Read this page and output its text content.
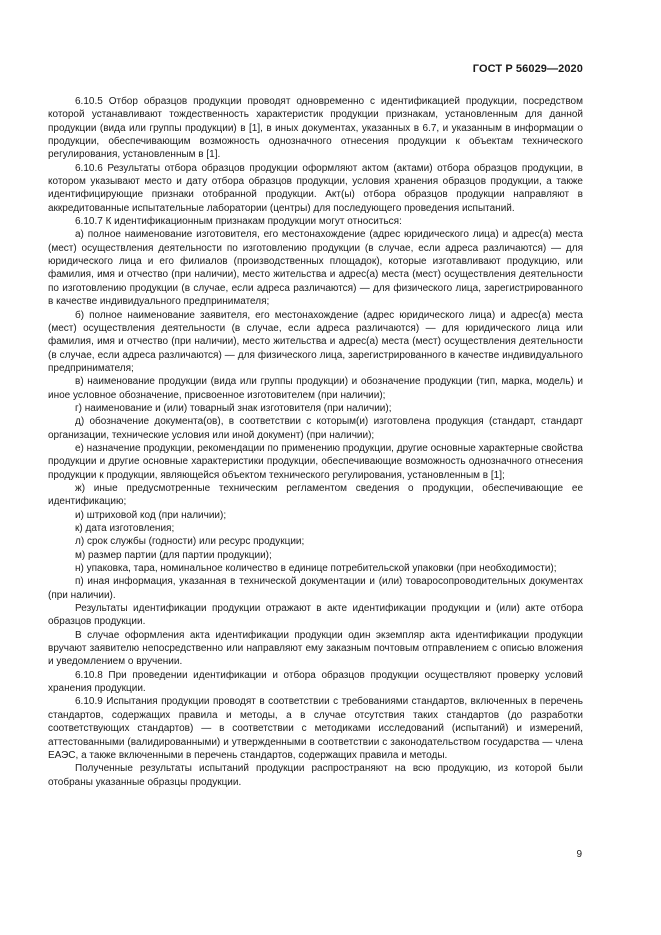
ГОСТ Р 56029—2020

6.10.5 Отбор образцов продукции проводят одновременно с идентификацией продукции, посредством которой устанавливают тождественность характеристик продукции признакам, установленным для данной продукции (вида или группы продукции) в [1], в иных документах, указанных в 6.7, и указанным в информации о продукции, обеспечивающим возможность однозначного отнесения продукции к объектам технического регулирования, установленным в [1].

6.10.6 Результаты отбора образцов продукции оформляют актом (актами) отбора образцов продукции, в котором указывают место и дату отбора образцов продукции, условия хранения образцов продукции, а также идентифицирующие признаки отобранной продукции. Акт(ы) отбора образцов продукции направляют в аккредитованные испытательные лаборатории (центры) для последующего проведения испытаний.

6.10.7 К идентификационным признакам продукции могут относиться:

а) полное наименование изготовителя, его местонахождение (адрес юридического лица) и адрес(а) места (мест) осуществления деятельности по изготовлению продукции (в случае, если адреса различаются) — для юридического лица и его филиалов (производственных площадок), которые изготавливают продукцию, или фамилия, имя и отчество (при наличии), место жительства и адрес(а) места (мест) осуществления деятельности по изготовлению продукции (в случае, если адреса различаются) — для физического лица, зарегистрированного в качестве индивидуального предпринимателя;

б) полное наименование заявителя, его местонахождение (адрес юридического лица) и адрес(а) места (мест) осуществления деятельности (в случае, если адреса различаются) — для юридического лица или фамилия, имя и отчество (при наличии), место жительства и адрес(а) места (мест) осуществления деятельности (в случае, если адреса различаются) — для физического лица, зарегистрированного в качестве индивидуального предпринимателя;

в) наименование продукции (вида или группы продукции) и обозначение продукции (тип, марка, модель) и иное условное обозначение, присвоенное изготовителем (при наличии);

г) наименование и (или) товарный знак изготовителя (при наличии);

д) обозначение документа(ов), в соответствии с которым(и) изготовлена продукция (стандарт, стандарт организации, технические условия или иной документ) (при наличии);

е) назначение продукции, рекомендации по применению продукции, другие основные характерные свойства продукции и другие основные характеристики продукции, обеспечивающие возможность однозначного отнесения продукции к продукции, являющейся объектом технического регулирования, установленным в [1];

ж) иные предусмотренные техническим регламентом сведения о продукции, обеспечивающие ее идентификацию;

и) штриховой код (при наличии);

к) дата изготовления;

л) срок службы (годности) или ресурс продукции;

м) размер партии (для партии продукции);

н) упаковка, тара, номинальное количество в единице потребительской упаковки (при необходимости);

п) иная информация, указанная в технической документации и (или) товаросопроводительных документах (при наличии).

Результаты идентификации продукции отражают в акте идентификации продукции и (или) акте отбора образцов продукции.

В случае оформления акта идентификации продукции один экземпляр акта идентификации продукции вручают заявителю непосредственно или направляют ему заказным почтовым отправлением с описью вложения и уведомлением о вручении.

6.10.8 При проведении идентификации и отбора образцов продукции осуществляют проверку условий хранения продукции.

6.10.9 Испытания продукции проводят в соответствии с требованиями стандартов, включенных в перечень стандартов, содержащих правила и методы, а в случае отсутствия таких стандартов (до разработки соответствующих стандартов) — в соответствии с методиками исследований (испытаний) и измерений, аттестованными (валидированными) и утвержденными в соответствии с законодательством государства — члена ЕАЭС, а также включенными в перечень стандартов, содержащих правила и методы.

Полученные результаты испытаний продукции распространяют на всю продукцию, из которой были отобраны указанные образцы продукции.

9
